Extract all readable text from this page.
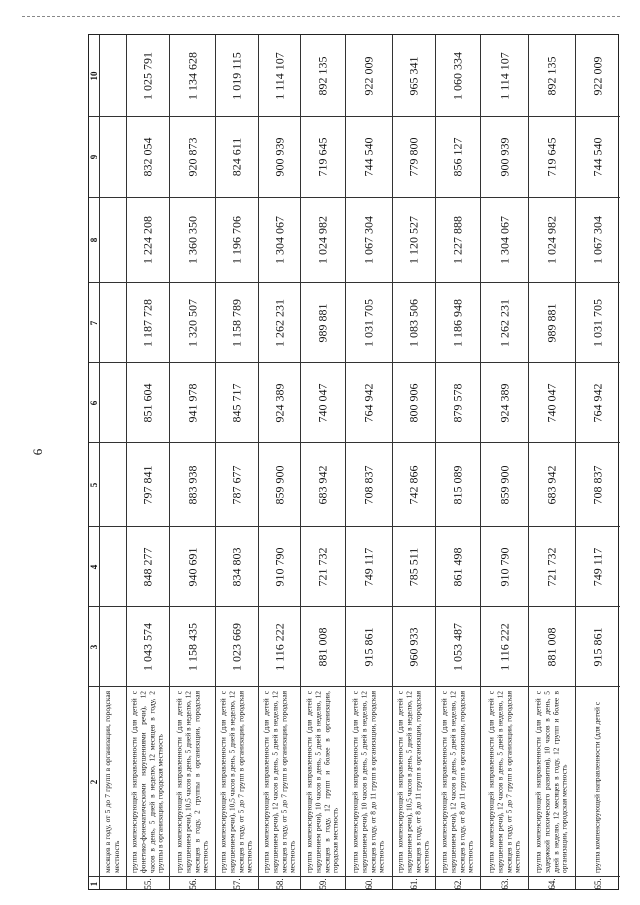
6
10
9
8
7
6
5
4
3
2
1
месяцев в году, от 5 до 7 групп в организации, городская местность
1 025 791
832 054
1 224 208
1 187 728
851 604
797 841
848 277
1 043 574
группа компенсирующей направленности (для детей с фонетико-фонематическими нарушениями речи), 12 часов в день, 5 дней в неделю, 12 месяцев в году, 2 группы в организации, городская местность
55.
1 134 628
920 873
1 360 350
1 320 507
941 978
883 938
940 691
1 158 435
группа компенсирующей направленности (для детей с нарушением речи), 10,5 часов в день, 5 дней в неделю, 12 месяцев в году, 2 группы в организации, городская местность
56.
1 019 115
824 611
1 196 706
1 158 789
845 717
787 677
834 803
1 023 669
группа компенсирующей направленности (для детей с нарушением речи), 10,5 часов в день, 5 дней в неделю, 12 месяцев в году, от 5 до 7 групп в организации, городская местность
57.
1 114 107
900 939
1 304 067
1 262 231
924 389
859 900
910 790
1 116 222
группа компенсирующей направленности (для детей с нарушением речи), 12 часов в день, 5 дней в неделю, 12 месяцев в году, от 5 до 7 групп в организации, городская местность
58.
892 135
719 645
1 024 982
989 881
740 047
683 942
721 732
881 008
группа компенсирующей направленности (для детей с нарушением речи), 10 часов в день, 5 дней в неделю, 12 месяцев в году, 12 групп и более в организации, городская местность
59.
922 009
744 540
1 067 304
1 031 705
764 942
708 837
749 117
915 861
группа компенсирующей направленности (для детей с нарушением речи), 10 часов в день, 5 дней в неделю, 12 месяцев в году, от 8 до 11 групп в организации, городская местность
60.
965 341
779 800
1 120 527
1 083 506
800 906
742 866
785 511
960 933
группа компенсирующей направленности (для детей с нарушением речи), 10,5 часов в день, 5 дней в неделю, 12 месяцев в году, от 8 до 11 групп в организации, городская местность
61.
1 060 334
856 127
1 227 888
1 186 948
879 578
815 089
861 498
1 053 487
группа компенсирующей направленности (для детей с нарушением речи), 12 часов в день, 5 дней в неделю, 12 месяцев в году, от 8 до 11 групп в организации, городская местность
62.
1 114 107
900 939
1 304 067
1 262 231
924 389
859 900
910 790
1 116 222
группа компенсирующей направленности (для детей с нарушением речи), 12 часов в день, 5 дней в неделю, 12 месяцев в году, от 5 до 7 групп в организации, городская местность
63.
892 135
719 645
1 024 982
989 881
740 047
683 942
721 732
881 008
группа компенсирующей направленности (для детей с задержкой психического развития), 10 часов в день, 5 дней в неделю, 12 месяцев в году, 12 групп и более в организации, городская местность
64.
922 009
744 540
1 067 304
1 031 705
764 942
708 837
749 117
915 861
группа компенсирующей направленности (для детей с
65.
